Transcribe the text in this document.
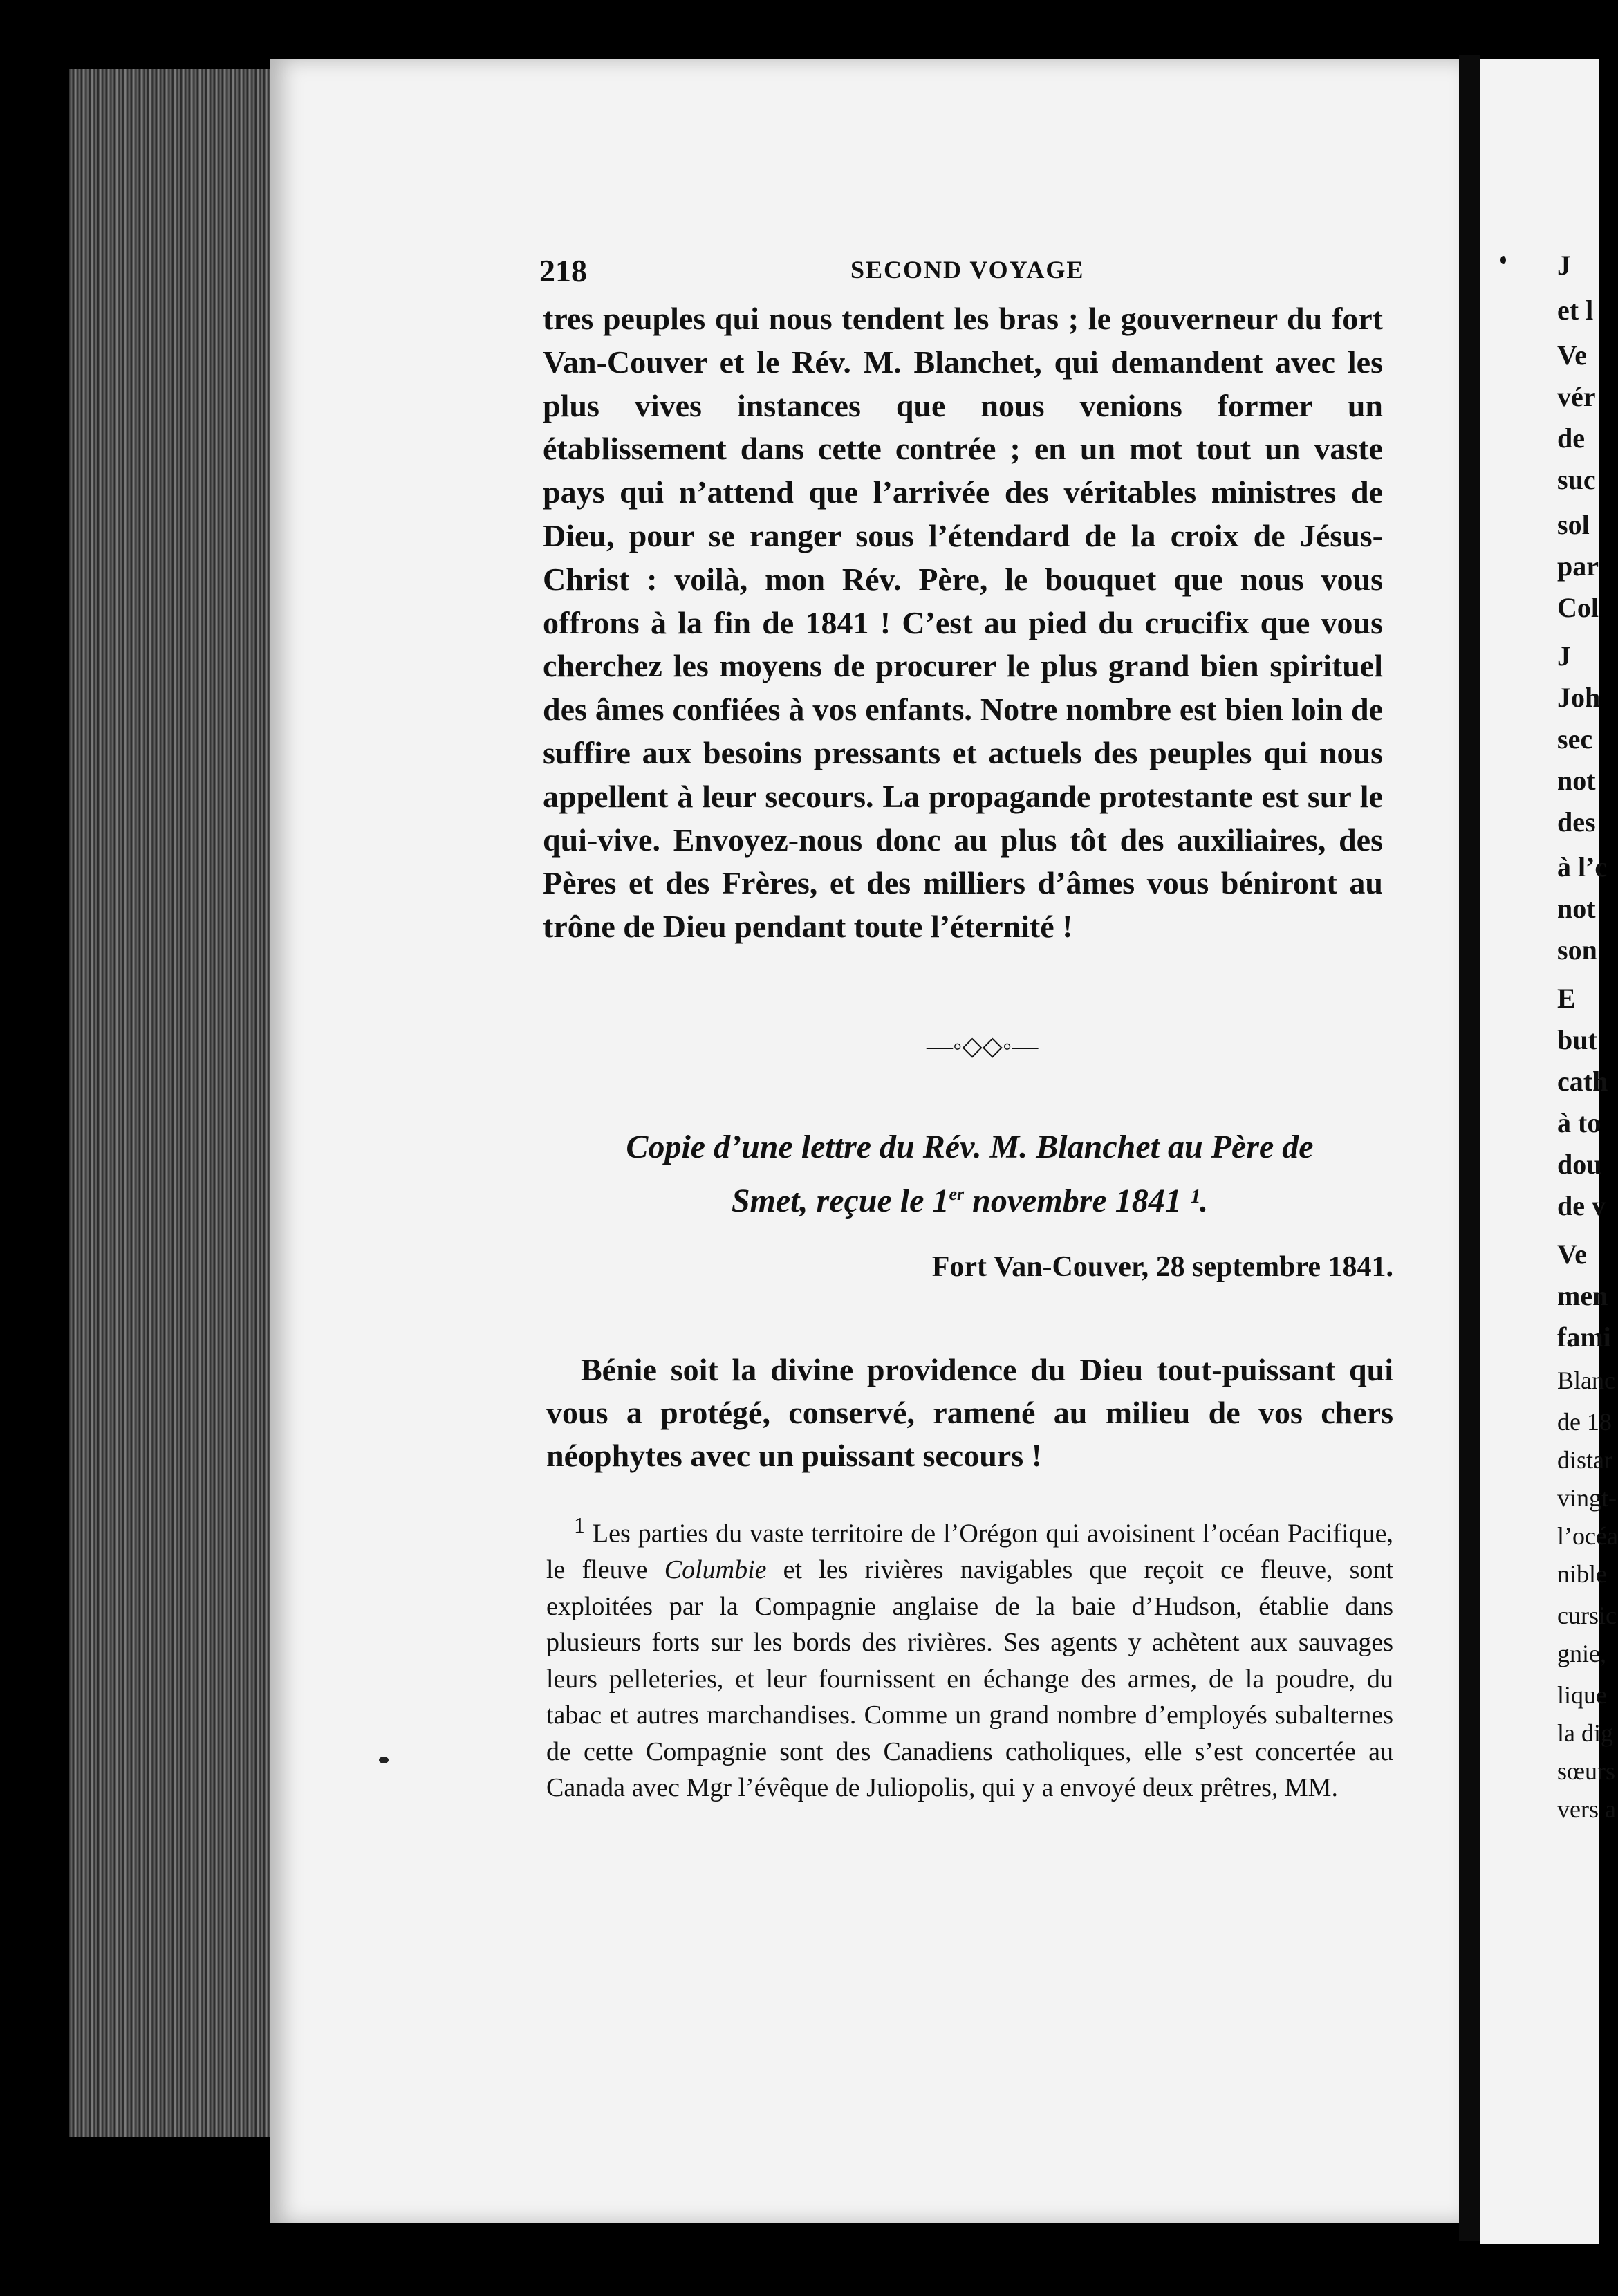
J
et l
Ve
vér
de
suc
sol
par
Col
J
Joh
sec
not
des
à l’c
not
son
E
but
cath
à to
dou
de v
Ve
men
fami
Blanc
de 18
distar
vingt-
l’océa
nible
cursic
gnie,
lique
la dig
sœurs
vers a
218	SECOND VOYAGE

tres peuples qui nous tendent les bras ; le gouverneur du fort Van-Couver et le Rév. M. Blanchet, qui demandent avec les plus vives instances que nous venions former un établissement dans cette contrée ; en un mot tout un vaste pays qui n’attend que l’arrivée des véritables ministres de Dieu, pour se ranger sous l’étendard de la croix de Jésus-Christ : voilà, mon Rév. Père, le bouquet que nous vous offrons à la fin de 1841 ! C’est au pied du crucifix que vous cherchez les moyens de procurer le plus grand bien spirituel des âmes confiées à vos enfants. Notre nombre est bien loin de suffire aux besoins pressants et actuels des peuples qui nous appellent à leur secours. La propagande protestante est sur le qui-vive. Envoyez-nous donc au plus tôt des auxiliaires, des Pères et des Frères, et des milliers d’âmes vous béniront au trône de Dieu pendant toute l’éternité !

—◦◇◇◦—
Copie d’une lettre du Rév. M. Blanchet au Père de
Smet, reçue le 1er novembre 1841 ¹.
Fort Van-Couver, 28 septembre 1841.
Bénie soit la divine providence du Dieu tout-puissant qui vous a protégé, conservé, ramené au milieu de vos chers néophytes avec un puissant secours !
$^1$ Les parties du vaste territoire de l’Orégon qui avoisinent l’océan Pacifique, le fleuve Columbie et les rivières navigables que reçoit ce fleuve, sont exploitées par la Compagnie anglaise de la baie d’Hudson, établie dans plusieurs forts sur les bords des rivières. Ses agents y achètent aux sauvages leurs pelleteries, et leur fournissent en échange des armes, de la poudre, du tabac et autres marchandises. Comme un grand nombre d’employés subalternes de cette Compagnie sont des Canadiens catholiques, elle s’est concertée au Canada avec Mgr l’évêque de Juliopolis, qui y a envoyé deux prêtres, MM.
